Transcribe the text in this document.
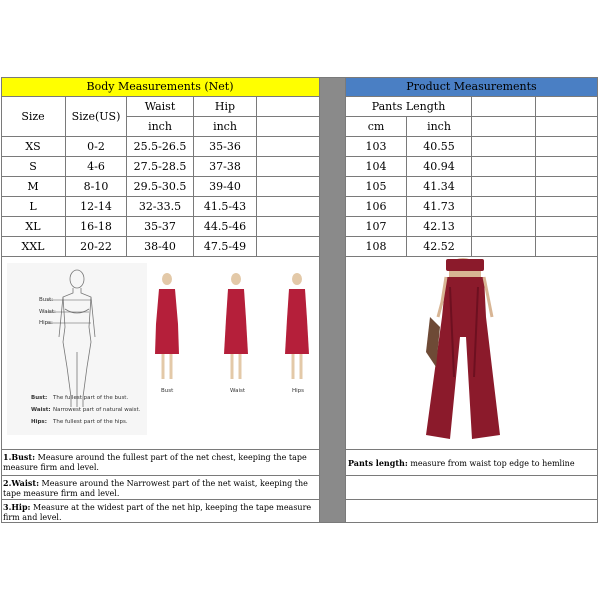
Body Measurements (Net)	Product Measurements
Size	Size(US)
Waist	Hip
inch	inch
Pants Length
cm	inch
XS	0-2	25.5-26.5	35-36
S	4-6	27.5-28.5	37-38
M	8-10	29.5-30.5	39-40
L	12-14	32-33.5	41.5-43
XL	16-18	35-37	44.5-46
XXL	20-22	38-40	47.5-49
103	40.55
104	40.94
105	41.34
106	41.73
107	42.13
108	42.52
Bust:
Waist:
Hips:
Bust	Waist	Hips
Bust: The fullest part of the bust.
Waist: Narrowest part of natural waist.
Hips: The fullest part of the hips.
1.Bust: Measure around the fullest part of the net chest, keeping the tape measure firm and level.
2.Waist: Measure around the Narrowest part of the net waist, keeping the tape measure firm and level.
3.Hip: Measure at the widest part of the net hip, keeping the tape measure firm and level.
Pants length: measure from waist top edge to hemline
